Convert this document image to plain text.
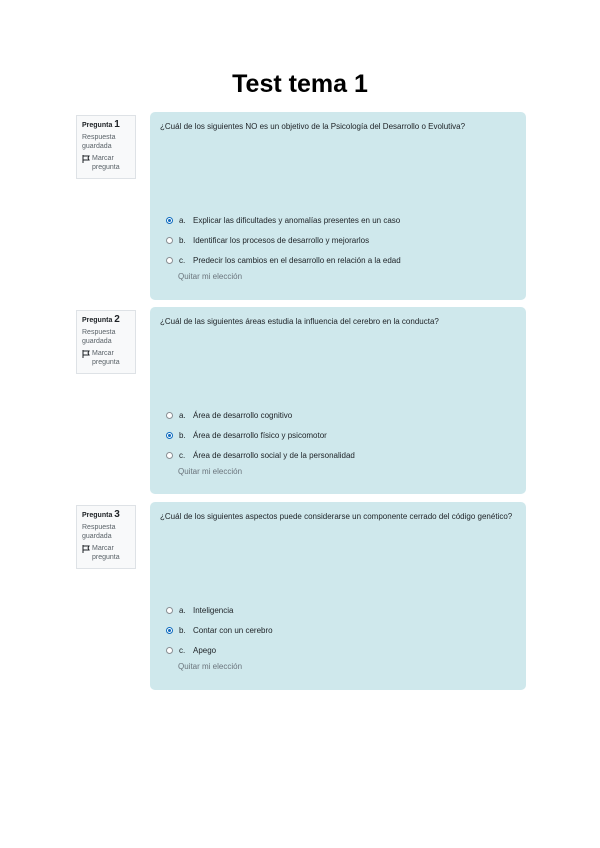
Test tema 1
Pregunta 1
Respuesta guardada
Marcar pregunta
¿Cuál de los siguientes NO es un objetivo de la Psicología del Desarrollo o Evolutiva?
a. Explicar las dificultades y anomalías presentes en un caso
b. Identificar los procesos de desarrollo y mejorarlos
c. Predecir los cambios en el desarrollo en relación a la edad
Quitar mi elección
Pregunta 2
Respuesta guardada
Marcar pregunta
¿Cuál de las siguientes áreas estudia la influencia del cerebro en la conducta?
a. Área de desarrollo cognitivo
b. Área de desarrollo físico y psicomotor
c. Área de desarrollo social y de la personalidad
Quitar mi elección
Pregunta 3
Respuesta guardada
Marcar pregunta
¿Cuál de los siguientes aspectos puede considerarse un componente cerrado del código genético?
a. Inteligencia
b. Contar con un cerebro
c. Apego
Quitar mi elección
